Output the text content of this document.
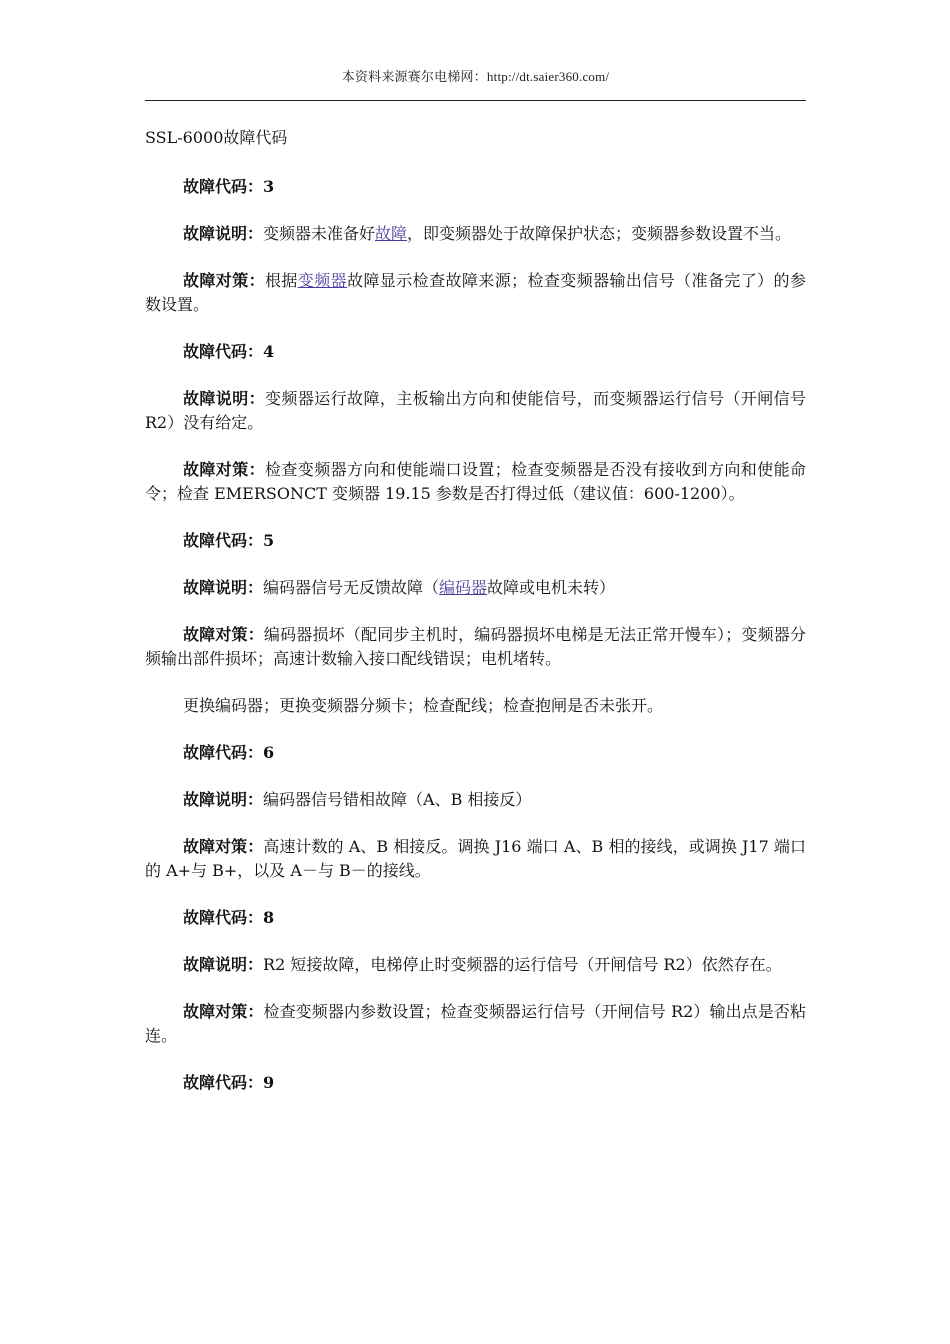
本资料来源赛尔电梯网：http://dt.saier360.com/

SSL-6000故障代码

故障代码：3

故障说明：变频器未准备好故障，即变频器处于故障保护状态；变频器参数设置不当。

故障对策：根据变频器故障显示检查故障来源；检查变频器输出信号（准备完了）的参数设置。

故障代码：4

故障说明：变频器运行故障，主板输出方向和使能信号，而变频器运行信号（开闸信号 R2）没有给定。

故障对策：检查变频器方向和使能端口设置；检查变频器是否没有接收到方向和使能命令；检查 EMERSONCT 变频器 19.15 参数是否打得过低（建议值：600-1200）。

故障代码：5

故障说明：编码器信号无反馈故障（编码器故障或电机未转）

故障对策：编码器损坏（配同步主机时，编码器损坏电梯是无法正常开慢车）；变频器分频输出部件损坏；高速计数输入接口配线错误；电机堵转。

更换编码器；更换变频器分频卡；检查配线；检查抱闸是否未张开。

故障代码：6

故障说明：编码器信号错相故障（A、B 相接反）

故障对策：高速计数的 A、B 相接反。调换 J16 端口 A、B 相的接线，或调换 J17 端口的 A+与 B+，以及 A－与 B－的接线。

故障代码：8

故障说明：R2 短接故障，电梯停止时变频器的运行信号（开闸信号 R2）依然存在。

故障对策：检查变频器内参数设置；检查变频器运行信号（开闸信号 R2）输出点是否粘连。

故障代码：9
